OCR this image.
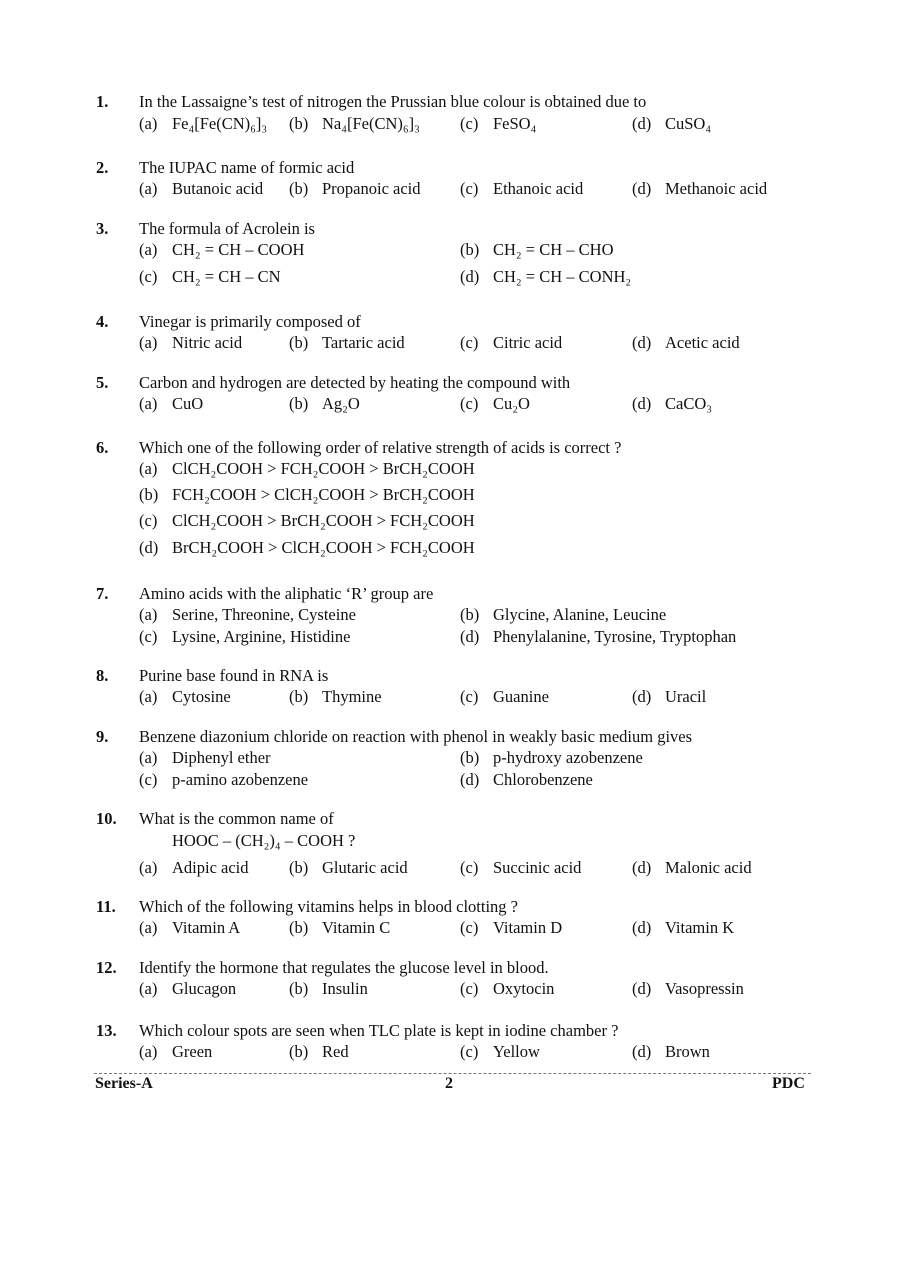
1. In the Lassaigne’s test of nitrogen the Prussian blue colour is obtained due to
(a) Fe₄[Fe(CN)₆]₃ (b) Na₄[Fe(CN)₆]₃ (c) FeSO₄	(d) CuSO₄
2. The IUPAC name of formic acid
(a) Butanoic acid (b) Propanoic acid (c) Ethanoic acid	(d) Methanoic acid
3. The formula of Acrolein is
(a) CH₂ = CH – COOH	(b) CH₂ = CH – CHO
(c) CH₂ = CH – CN	(d) CH₂ = CH – CONH₂
4. Vinegar is primarily composed of
(a) Nitric acid	(b) Tartaric acid	(c) Citric acid	(d) Acetic acid
5. Carbon and hydrogen are detected by heating the compound with
(a) CuO	(b) Ag₂O	(c) Cu₂O	(d) CaCO₃
6. Which one of the following order of relative strength of acids is correct ?
(a) ClCH₂COOH > FCH₂COOH > BrCH₂COOH
(b) FCH₂COOH > ClCH₂COOH > BrCH₂COOH
(c) ClCH₂COOH > BrCH₂COOH > FCH₂COOH
(d) BrCH₂COOH > ClCH₂COOH > FCH₂COOH
7. Amino acids with the aliphatic ‘R’ group are
(a) Serine, Threonine, Cysteine	(b) Glycine, Alanine, Leucine
(c) Lysine, Arginine, Histidine	(d) Phenylalanine, Tyrosine, Tryptophan
8. Purine base found in RNA is
(a) Cytosine	(b) Thymine	(c) Guanine	(d) Uracil
9. Benzene diazonium chloride on reaction with phenol in weakly basic medium gives
(a) Diphenyl ether	(b) p-hydroxy azobenzene
(c) p-amino azobenzene	(d) Chlorobenzene
10. What is the common name of
HOOC – (CH₂)₄ – COOH ?
(a) Adipic acid (b) Glutaric acid	(c) Succinic acid	(d) Malonic acid
11. Which of the following vitamins helps in blood clotting ?
(a) Vitamin A	(b) Vitamin C	(c) Vitamin D	(d) Vitamin K
12. Identify the hormone that regulates the glucose level in blood.
(a) Glucagon	(b) Insulin	(c) Oxytocin	(d) Vasopressin
13. Which colour spots are seen when TLC plate is kept in iodine chamber ?
(a) Green	(b) Red	(c) Yellow	(d) Brown
Series-A	2	PDC
